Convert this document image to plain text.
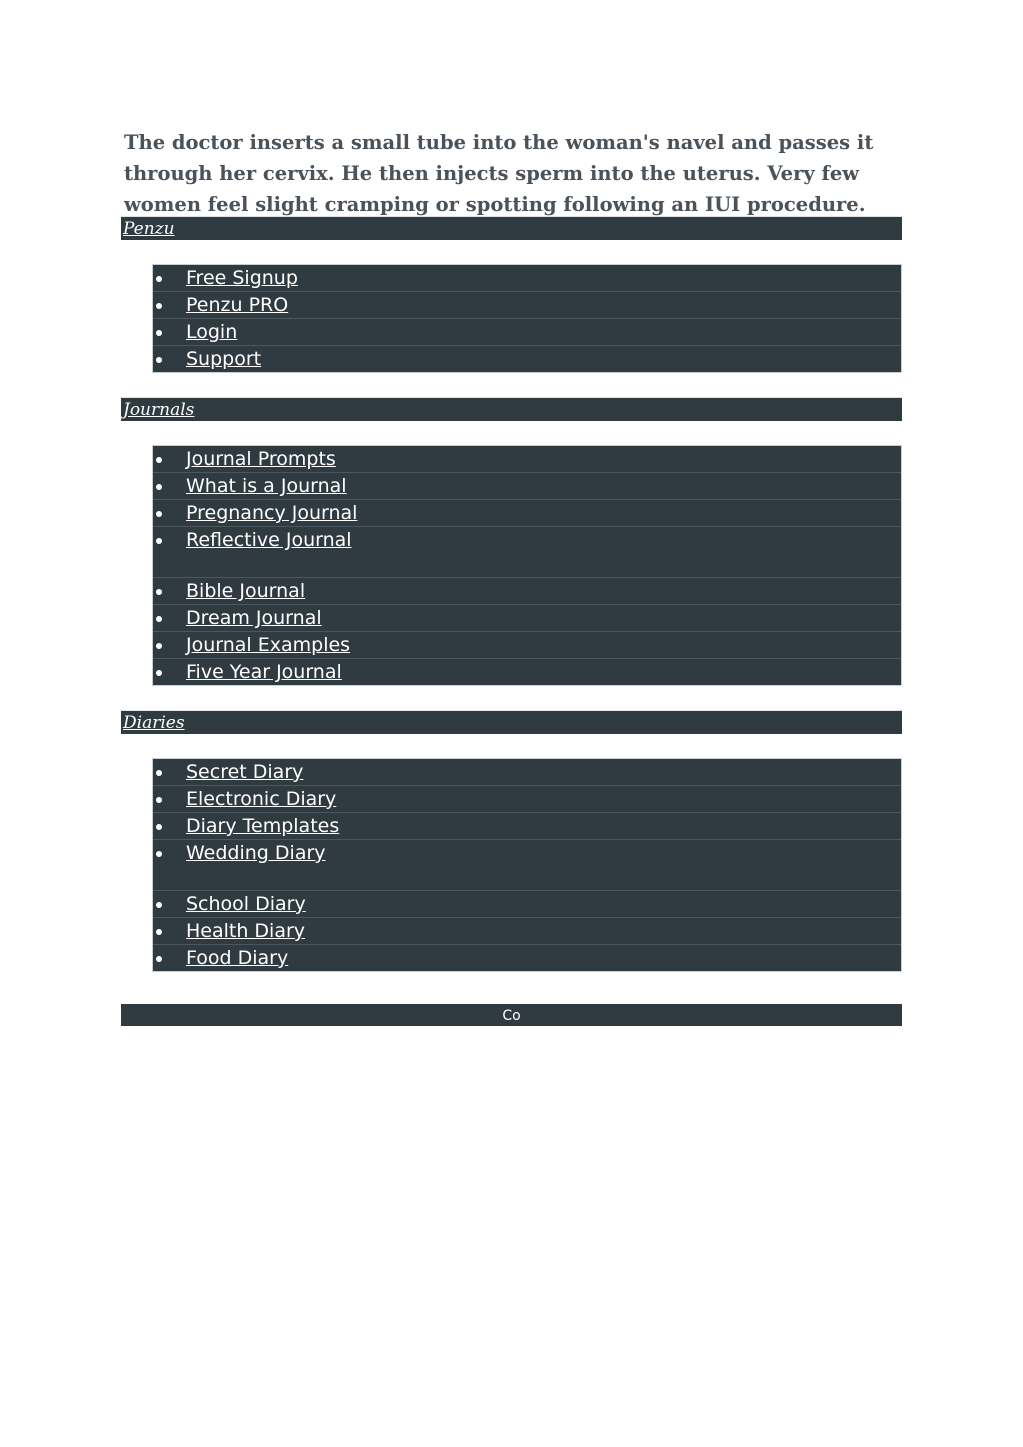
The doctor inserts a small tube into the woman's navel and passes it through her cervix. He then injects sperm into the uterus. Very few women feel slight cramping or spotting following an IUI procedure.

Penzu
Free Signup
Penzu PRO
Login
Support
Journals
Journal Prompts
What is a Journal
Pregnancy Journal
Reflective Journal
Bible Journal
Dream Journal
Journal Examples
Five Year Journal
Diaries
Secret Diary
Electronic Diary
Diary Templates
Wedding Diary
School Diary
Health Diary
Food Diary
Co
